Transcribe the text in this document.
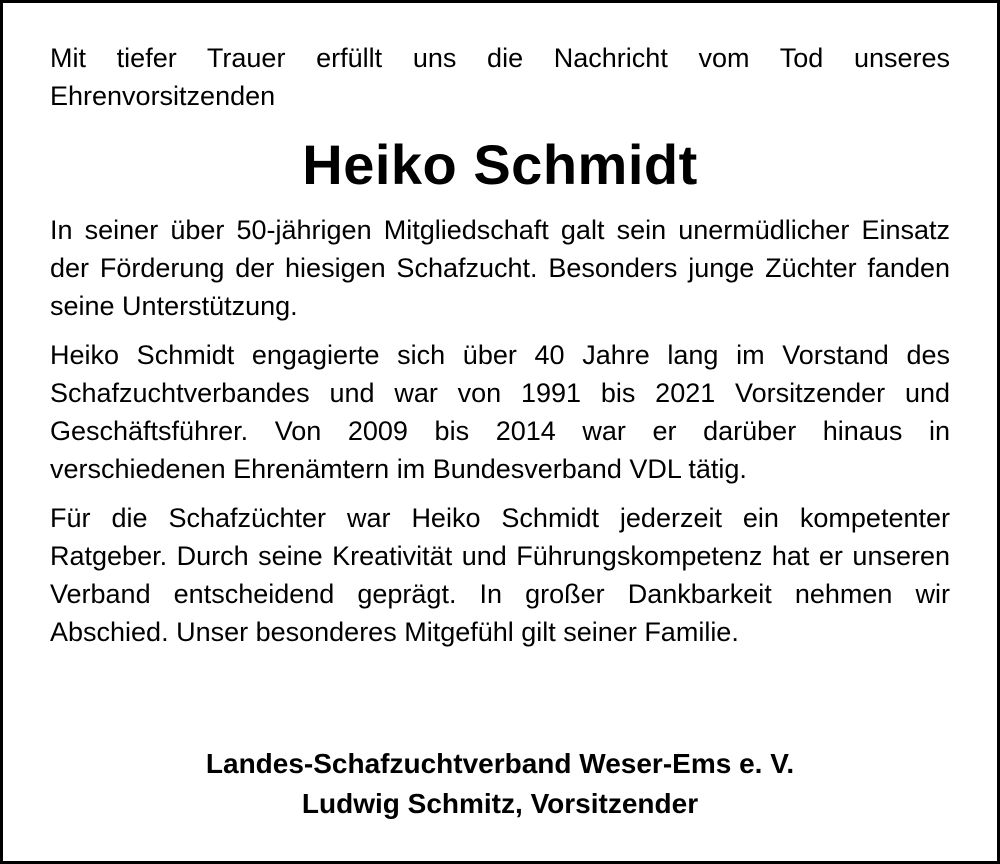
Mit tiefer Trauer erfüllt uns die Nachricht vom Tod unseres Ehrenvorsitzenden

Heiko Schmidt

In seiner über 50-jährigen Mitgliedschaft galt sein unermüdlicher Einsatz der Förderung der hiesigen Schafzucht. Besonders junge Züchter fanden seine Unterstützung.

Heiko Schmidt engagierte sich über 40 Jahre lang im Vorstand des Schafzuchtverbandes und war von 1991 bis 2021 Vorsitzender und Geschäftsführer. Von 2009 bis 2014 war er darüber hinaus in verschiedenen Ehrenämtern im Bundesverband VDL tätig.

Für die Schafzüchter war Heiko Schmidt jederzeit ein kompetenter Ratgeber. Durch seine Kreativität und Führungskompetenz hat er unseren Verband entscheidend geprägt. In großer Dankbarkeit nehmen wir Abschied. Unser besonderes Mitgefühl gilt seiner Familie.

Landes-Schafzuchtverband Weser-Ems e. V.
Ludwig Schmitz, Vorsitzender
